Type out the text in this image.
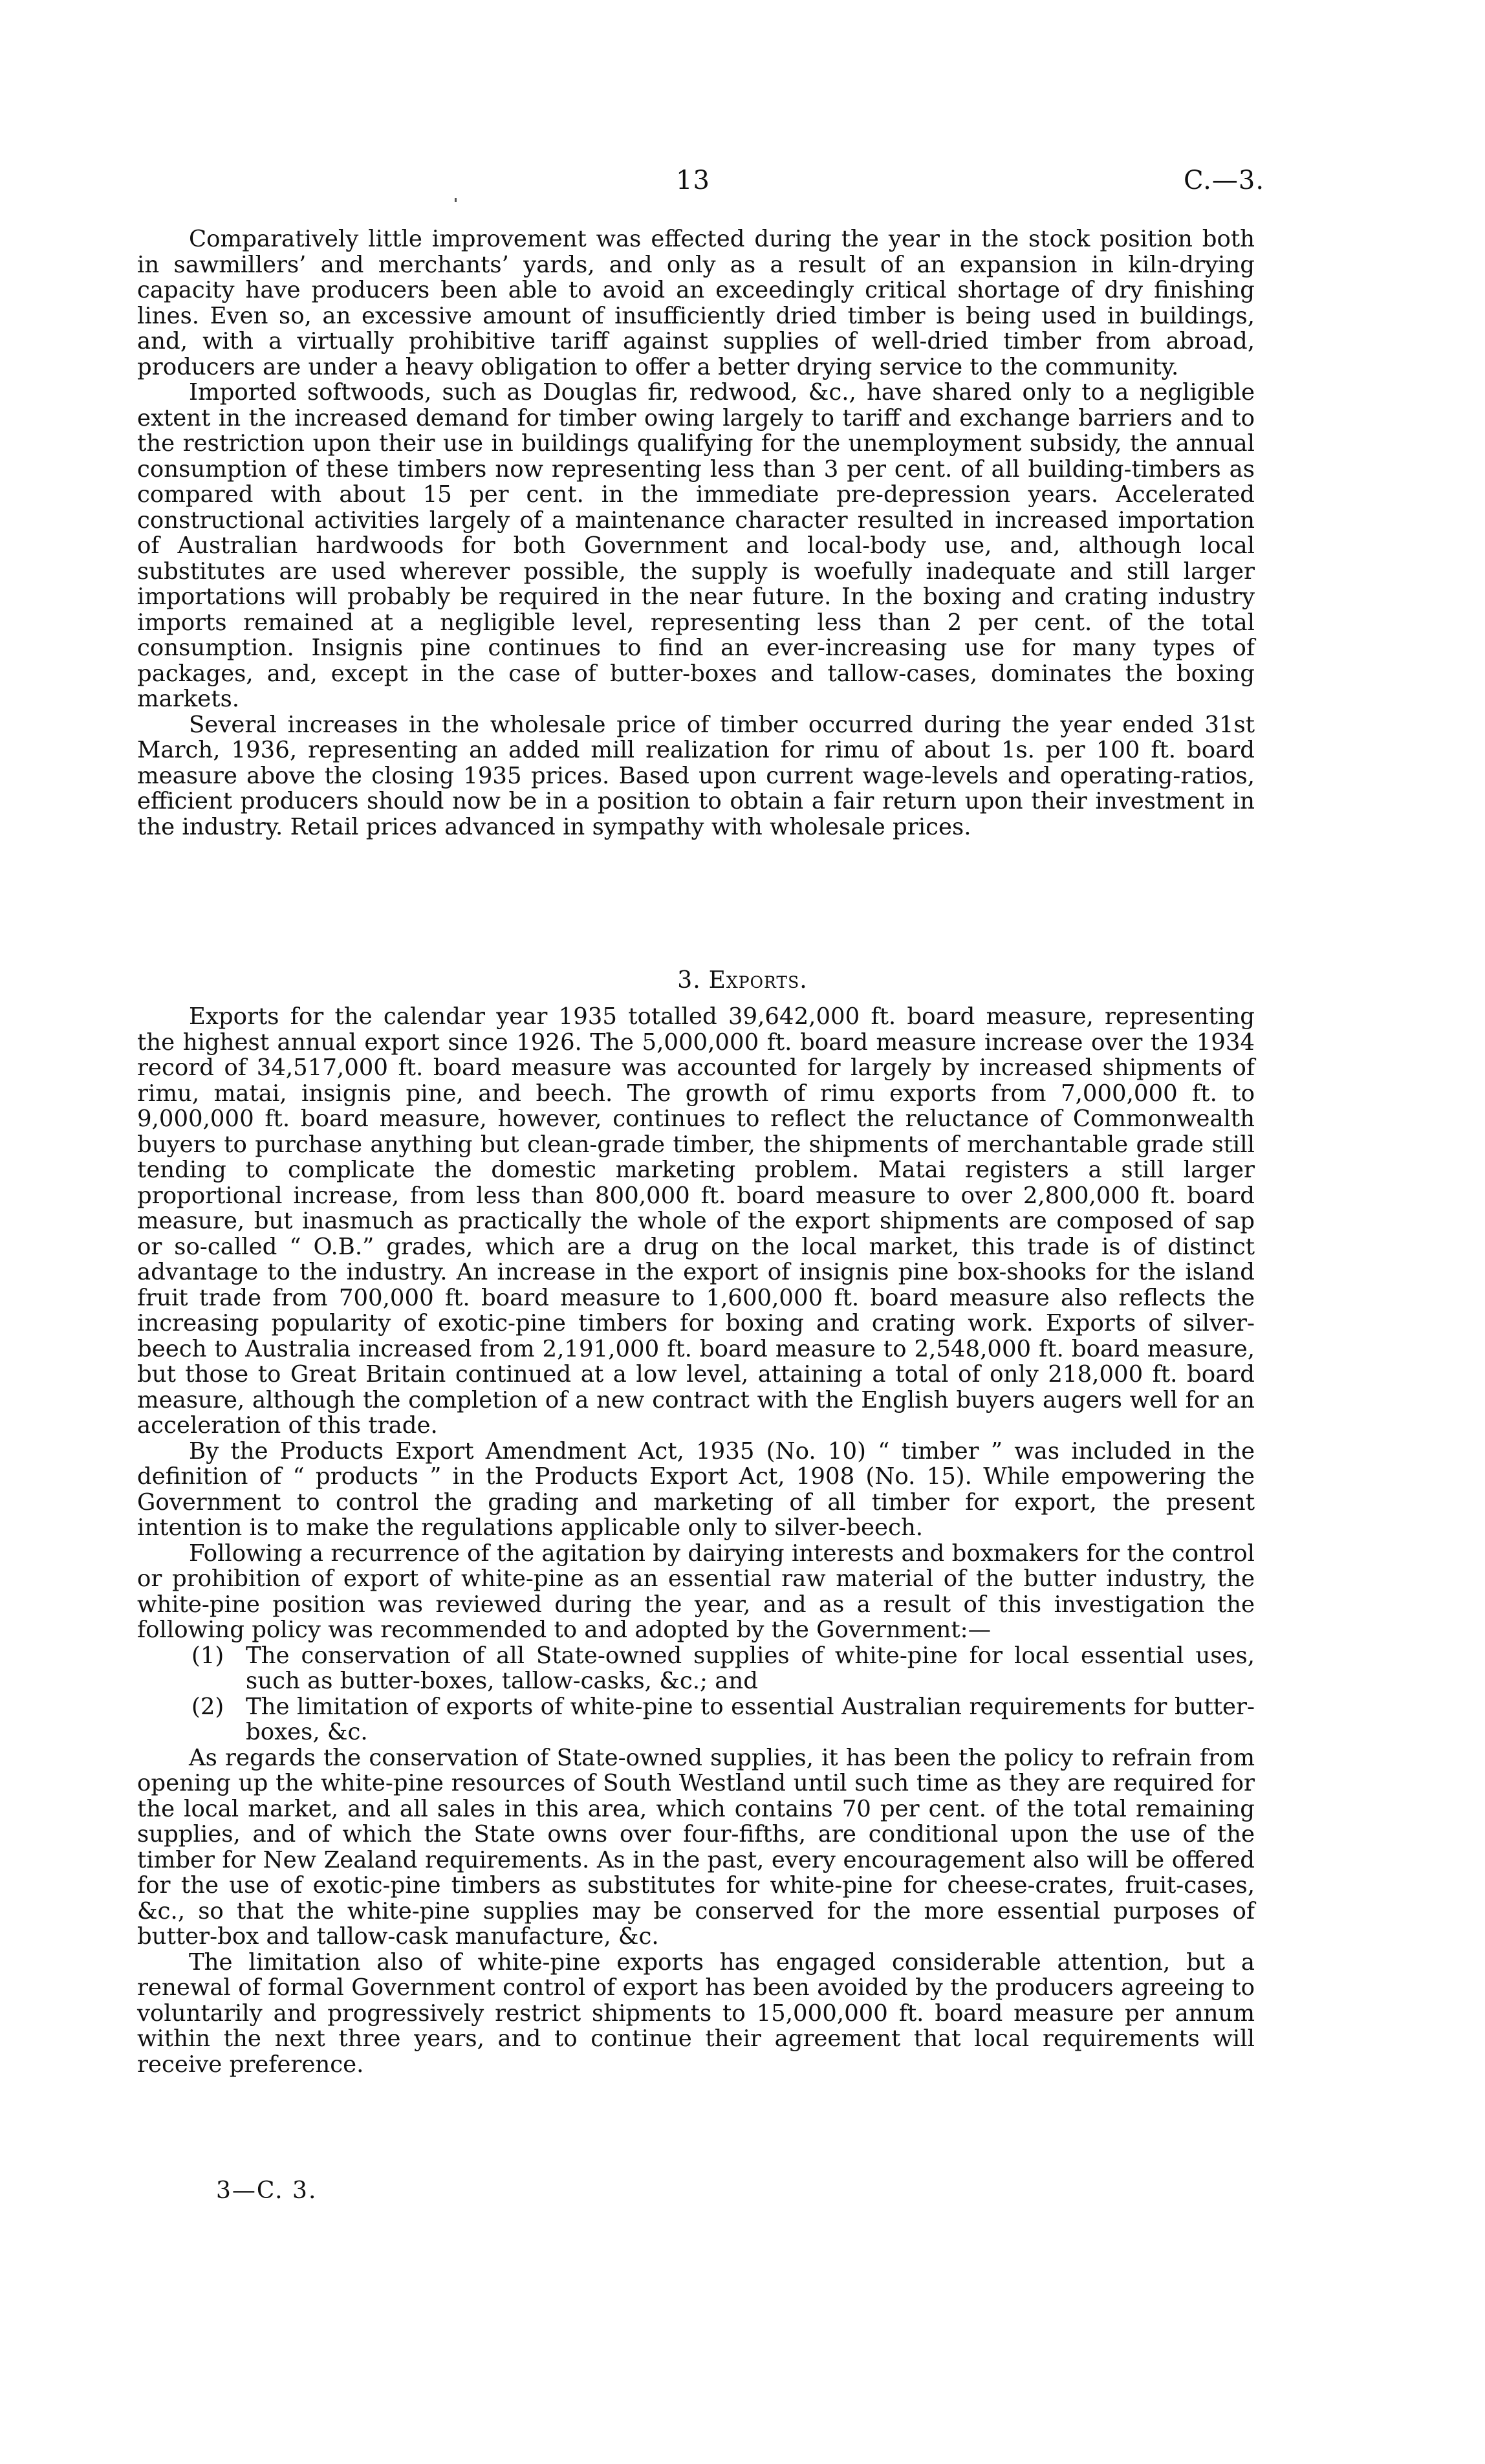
13	C.—3.

Comparatively little improvement was effected during the year in the stock position both in sawmillers’ and merchants’ yards, and only as a result of an expansion in kiln-drying capacity have producers been able to avoid an exceedingly critical shortage of dry finishing lines. Even so, an excessive amount of insufficiently dried timber is being used in buildings, and, with a virtually prohibitive tariff against supplies of well-dried timber from abroad, producers are under a heavy obligation to offer a better drying service to the community.

Imported softwoods, such as Douglas fir, redwood, &c., have shared only to a negligible extent in the increased demand for timber owing largely to tariff and exchange barriers and to the restriction upon their use in buildings qualifying for the unemployment subsidy, the annual consumption of these timbers now representing less than 3 per cent. of all building-timbers as compared with about 15 per cent. in the immediate pre-depression years. Accelerated constructional activities largely of a maintenance character resulted in increased importation of Australian hardwoods for both Government and local-body use, and, although local substitutes are used wherever possible, the supply is woefully inadequate and still larger importations will probably be required in the near future. In the boxing and crating industry imports remained at a negligible level, representing less than 2 per cent. of the total consumption. Insignis pine continues to find an ever-increasing use for many types of packages, and, except in the case of butter-boxes and tallow-cases, dominates the boxing markets.

Several increases in the wholesale price of timber occurred during the year ended 31st March, 1936, representing an added mill realization for rimu of about 1s. per 100 ft. board measure above the closing 1935 prices. Based upon current wage-levels and operating-ratios, efficient producers should now be in a position to obtain a fair return upon their investment in the industry. Retail prices advanced in sympathy with wholesale prices.

3. Exports.

Exports for the calendar year 1935 totalled 39,642,000 ft. board measure, representing the highest annual export since 1926. The 5,000,000 ft. board measure increase over the 1934 record of 34,517,000 ft. board measure was accounted for largely by increased shipments of rimu, matai, insignis pine, and beech. The growth of rimu exports from 7,000,000 ft. to 9,000,000 ft. board measure, however, continues to reflect the reluctance of Commonwealth buyers to purchase anything but clean-grade timber, the shipments of merchantable grade still tending to complicate the domestic marketing problem. Matai registers a still larger proportional increase, from less than 800,000 ft. board measure to over 2,800,000 ft. board measure, but inasmuch as practically the whole of the export shipments are composed of sap or so-called “ O.B.” grades, which are a drug on the local market, this trade is of distinct advantage to the industry. An increase in the export of insignis pine box-shooks for the island fruit trade from 700,000 ft. board measure to 1,600,000 ft. board measure also reflects the increasing popularity of exotic-pine timbers for boxing and crating work. Exports of silver-beech to Australia increased from 2,191,000 ft. board measure to 2,548,000 ft. board measure, but those to Great Britain continued at a low level, attaining a total of only 218,000 ft. board measure, although the completion of a new contract with the English buyers augers well for an acceleration of this trade.

By the Products Export Amendment Act, 1935 (No. 10) “ timber ” was included in the definition of “ products ” in the Products Export Act, 1908 (No. 15). While empowering the Government to control the grading and marketing of all timber for export, the present intention is to make the regulations applicable only to silver-beech.

Following a recurrence of the agitation by dairying interests and boxmakers for the control or prohibition of export of white-pine as an essential raw material of the butter industry, the white-pine position was reviewed during the year, and as a result of this investigation the following policy was recommended to and adopted by the Government:—

(1) The conservation of all State-owned supplies of white-pine for local essential uses, such as butter-boxes, tallow-casks, &c.; and
(2) The limitation of exports of white-pine to essential Australian requirements for butter-boxes, &c.

As regards the conservation of State-owned supplies, it has been the policy to refrain from opening up the white-pine resources of South Westland until such time as they are required for the local market, and all sales in this area, which contains 70 per cent. of the total remaining supplies, and of which the State owns over four-fifths, are conditional upon the use of the timber for New Zealand requirements. As in the past, every encouragement also will be offered for the use of exotic-pine timbers as substitutes for white-pine for cheese-crates, fruit-cases, &c., so that the white-pine supplies may be conserved for the more essential purposes of butter-box and tallow-cask manufacture, &c.

The limitation also of white-pine exports has engaged considerable attention, but a renewal of formal Government control of export has been avoided by the producers agreeing to voluntarily and progressively restrict shipments to 15,000,000 ft. board measure per annum within the next three years, and to continue their agreement that local requirements will receive preference.

3—C. 3.
